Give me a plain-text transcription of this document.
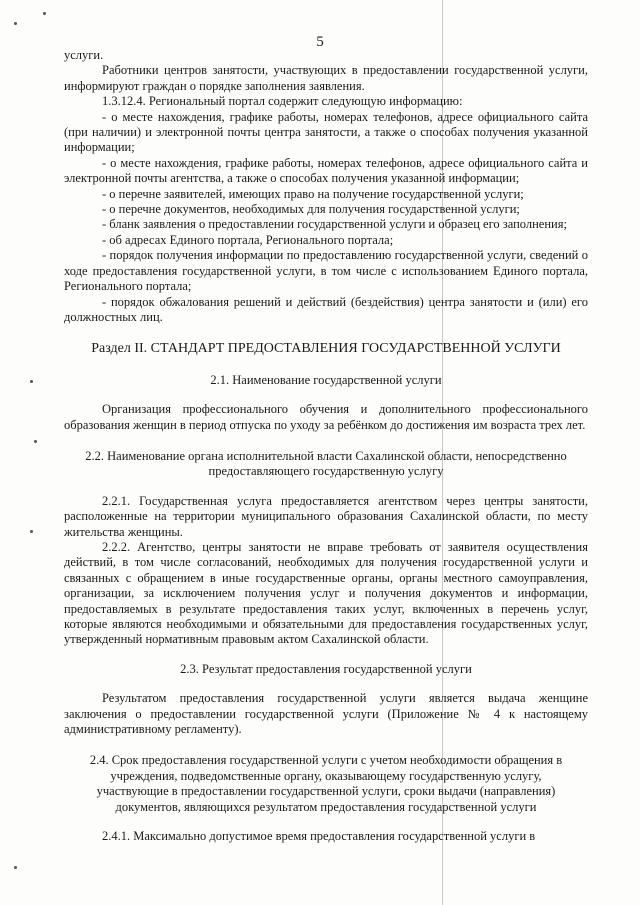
5

услуги.

Работники центров занятости, участвующих в предоставлении государственной услуги, информируют граждан о порядке заполнения заявления.

1.3.12.4. Региональный портал содержит следующую информацию:

- о месте нахождения, графике работы, номерах телефонов, адресе официального сайта (при наличии) и электронной почты центра занятости, а также о способах получения указанной информации;

- о месте нахождения, графике работы, номерах телефонов, адресе официального сайта и электронной почты агентства, а также о способах получения указанной информации;

- о перечне заявителей, имеющих право на получение государственной услуги;

- о перечне документов, необходимых для получения государственной услуги;

- бланк заявления о предоставлении государственной услуги и образец его заполнения;

- об адресах Единого портала, Регионального портала;

- порядок получения информации по предоставлению государственной услуги, сведений о ходе предоставления государственной услуги, в том числе с использованием Единого портала, Регионального портала;

- порядок обжалования решений и действий (бездействия) центра занятости и (или) его должностных лиц.

Раздел II. СТАНДАРТ ПРЕДОСТАВЛЕНИЯ ГОСУДАРСТВЕННОЙ УСЛУГИ

2.1. Наименование государственной услуги

Организация профессионального обучения и дополнительного профессионального образования женщин в период отпуска по уходу за ребёнком до достижения им возраста трех лет.

2.2. Наименование органа исполнительной власти Сахалинской области, непосредственно
предоставляющего государственную услугу

2.2.1. Государственная услуга предоставляется агентством через центры занятости, расположенные на территории муниципального образования Сахалинской области, по месту жительства женщины.

2.2.2. Агентство, центры занятости не вправе требовать от заявителя осуществления действий, в том числе согласований, необходимых для получения государственной услуги и связанных с обращением в иные государственные органы, органы местного самоуправления, организации, за исключением получения услуг и получения документов и информации, предоставляемых в результате предоставления таких услуг, включенных в перечень услуг, которые являются необходимыми и обязательными для предоставления государственных услуг, утвержденный нормативным правовым актом Сахалинской области.

2.3. Результат предоставления государственной услуги

Результатом предоставления государственной услуги является выдача женщине заключения о предоставлении государственной услуги (Приложение № 4 к настоящему административному регламенту).

2.4. Срок предоставления государственной услуги с учетом необходимости обращения в
учреждения, подведомственные органу, оказывающему государственную услугу,
участвующие в предоставлении государственной услуги, сроки выдачи (направления)
документов, являющихся результатом предоставления государственной услуги

2.4.1. Максимально допустимое время предоставления государственной услуги в
